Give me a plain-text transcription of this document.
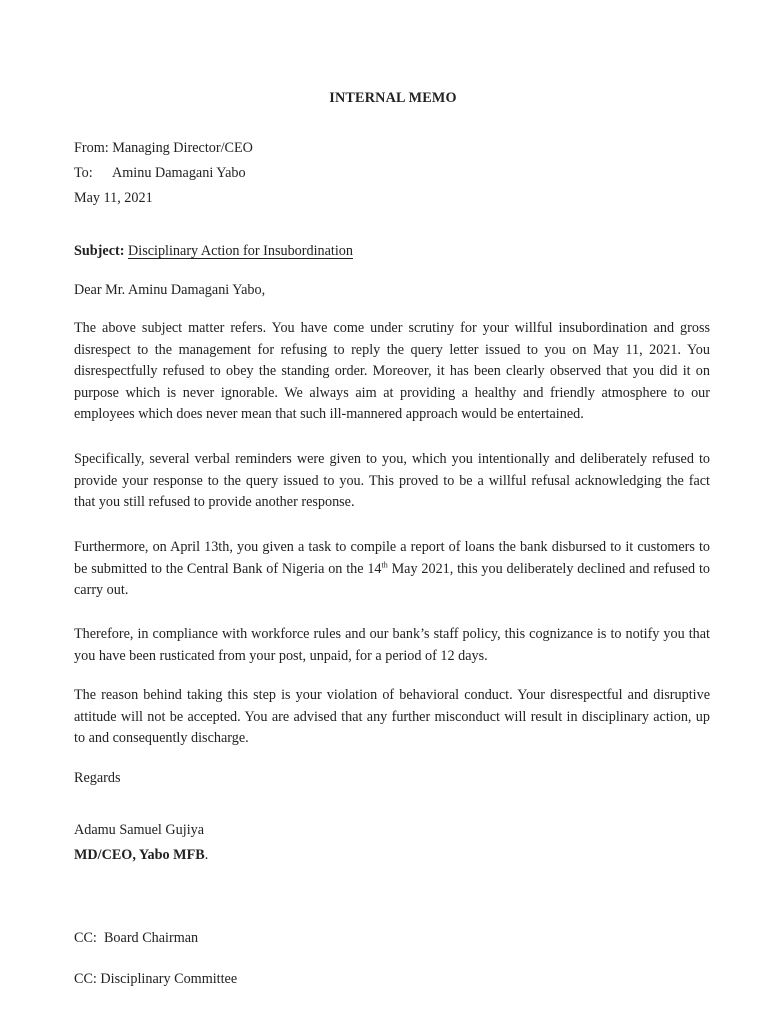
INTERNAL MEMO
From: Managing Director/CEO
To: Aminu Damagani Yabo
May 11, 2021
Subject: Disciplinary Action for Insubordination
Dear Mr. Aminu Damagani Yabo,

The above subject matter refers. You have come under scrutiny for your willful insubordination and gross disrespect to the management for refusing to reply the query letter issued to you on May 11, 2021. You disrespectfully refused to obey the standing order. Moreover, it has been clearly observed that you did it on purpose which is never ignorable. We always aim at providing a healthy and friendly atmosphere to our employees which does never mean that such ill-mannered approach would be entertained.

Specifically, several verbal reminders were given to you, which you intentionally and deliberately refused to provide your response to the query issued to you. This proved to be a willful refusal acknowledging the fact that you still refused to provide another response.

Furthermore, on April 13th, you given a task to compile a report of loans the bank disbursed to it customers to be submitted to the Central Bank of Nigeria on the 14th May 2021, this you deliberately declined and refused to carry out.

Therefore, in compliance with workforce rules and our bank’s staff policy, this cognizance is to notify you that you have been rusticated from your post, unpaid, for a period of 12 days.

The reason behind taking this step is your violation of behavioral conduct. Your disrespectful and disruptive attitude will not be accepted. You are advised that any further misconduct will result in disciplinary action, up to and consequently discharge.

Regards
Adamu Samuel Gujiya
MD/CEO, Yabo MFB.
CC: Board Chairman
CC: Disciplinary Committee
